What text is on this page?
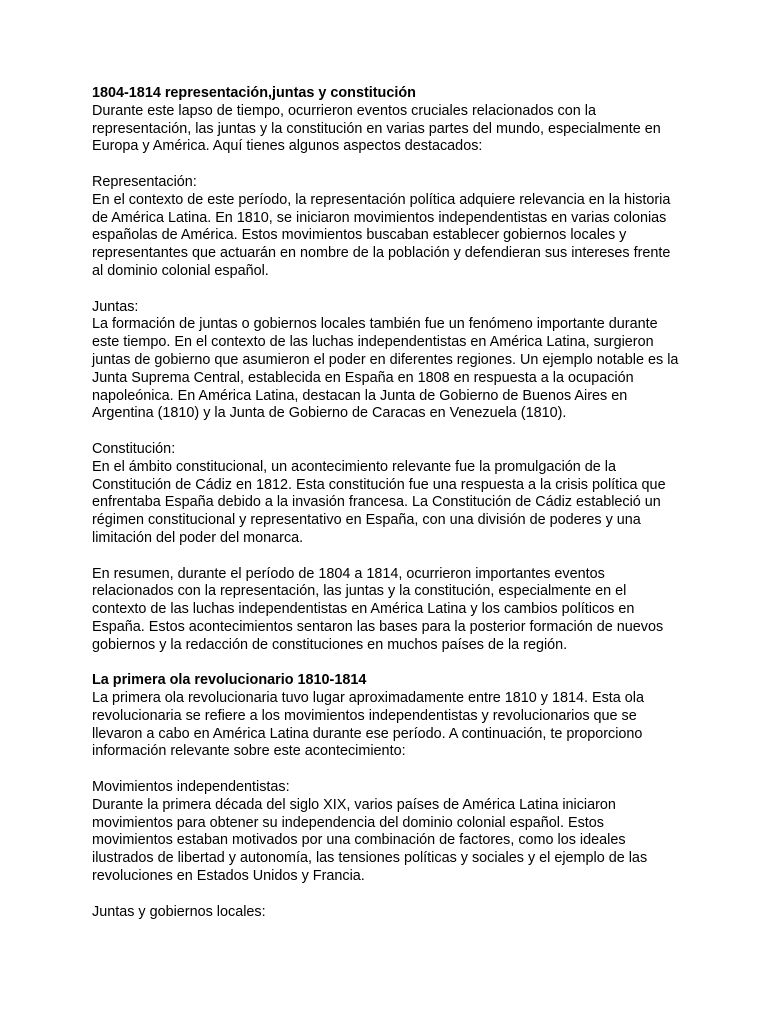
1804-1814 representación,juntas y constitución
Durante este lapso de tiempo, ocurrieron eventos cruciales relacionados con la
representación, las juntas y la constitución en varias partes del mundo, especialmente en
Europa y América. Aquí tienes algunos aspectos destacados:
Representación:
En el contexto de este período, la representación política adquiere relevancia en la historia
de América Latina. En 1810, se iniciaron movimientos independentistas en varias colonias
españolas de América. Estos movimientos buscaban establecer gobiernos locales y
representantes que actuarán en nombre de la población y defendieran sus intereses frente
al dominio colonial español.
Juntas:
La formación de juntas o gobiernos locales también fue un fenómeno importante durante
este tiempo. En el contexto de las luchas independentistas en América Latina, surgieron
juntas de gobierno que asumieron el poder en diferentes regiones. Un ejemplo notable es la
Junta Suprema Central, establecida en España en 1808 en respuesta a la ocupación
napoleónica. En América Latina, destacan la Junta de Gobierno de Buenos Aires en
Argentina (1810) y la Junta de Gobierno de Caracas en Venezuela (1810).
Constitución:
En el ámbito constitucional, un acontecimiento relevante fue la promulgación de la
Constitución de Cádiz en 1812. Esta constitución fue una respuesta a la crisis política que
enfrentaba España debido a la invasión francesa. La Constitución de Cádiz estableció un
régimen constitucional y representativo en España, con una división de poderes y una
limitación del poder del monarca.
En resumen, durante el período de 1804 a 1814, ocurrieron importantes eventos
relacionados con la representación, las juntas y la constitución, especialmente en el
contexto de las luchas independentistas en América Latina y los cambios políticos en
España. Estos acontecimientos sentaron las bases para la posterior formación de nuevos
gobiernos y la redacción de constituciones en muchos países de la región.
La primera ola revolucionario 1810-1814
La primera ola revolucionaria tuvo lugar aproximadamente entre 1810 y 1814. Esta ola
revolucionaria se refiere a los movimientos independentistas y revolucionarios que se
llevaron a cabo en América Latina durante ese período. A continuación, te proporciono
información relevante sobre este acontecimiento:
Movimientos independentistas:
Durante la primera década del siglo XIX, varios países de América Latina iniciaron
movimientos para obtener su independencia del dominio colonial español. Estos
movimientos estaban motivados por una combinación de factores, como los ideales
ilustrados de libertad y autonomía, las tensiones políticas y sociales y el ejemplo de las
revoluciones en Estados Unidos y Francia.
Juntas y gobiernos locales:
